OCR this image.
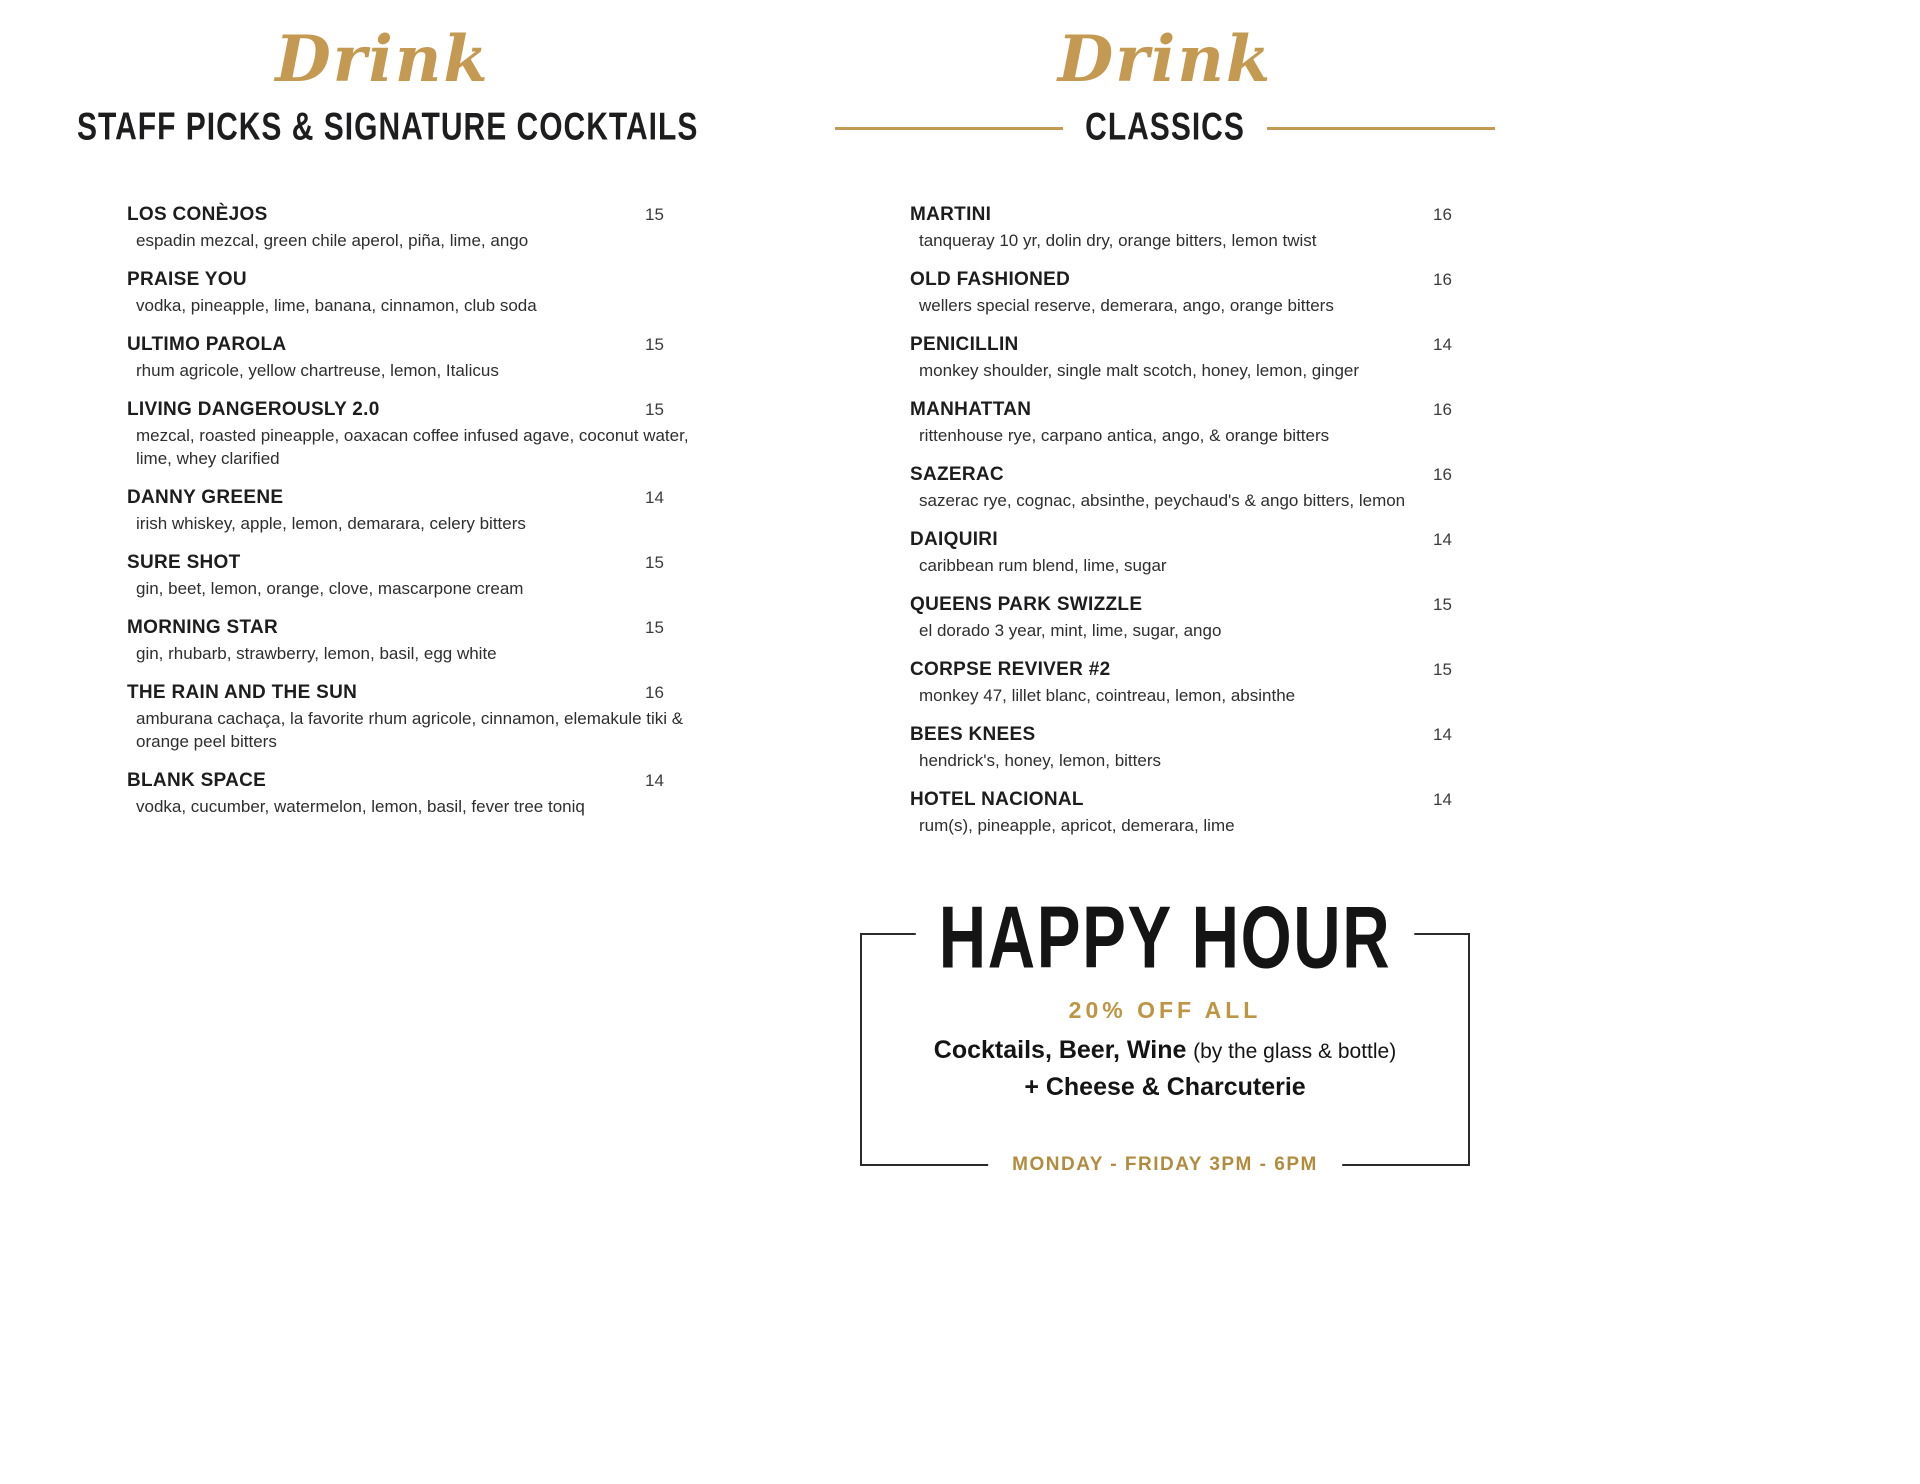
Drink
STAFF PICKS & SIGNATURE COCKTAILS
LOS CONÈJOS	15
espadin mezcal, green chile aperol, piña, lime, ango
PRAISE YOU
vodka, pineapple, lime, banana, cinnamon, club soda
ULTIMO PAROLA	15
rhum agricole, yellow chartreuse, lemon, Italicus
LIVING DANGEROUSLY 2.0	15
mezcal, roasted pineapple, oaxacan coffee infused agave, coconut water, lime, whey clarified
DANNY GREENE	14
irish whiskey, apple, lemon, demarara, celery bitters
SURE SHOT	15
gin, beet, lemon, orange, clove, mascarpone cream
MORNING STAR	15
gin, rhubarb, strawberry, lemon, basil, egg white
THE RAIN AND THE SUN	16
amburana cachaça, la favorite rhum agricole, cinnamon, elemakule tiki & orange peel bitters
BLANK SPACE	14
vodka, cucumber, watermelon, lemon, basil, fever tree toniq
Drink
CLASSICS
MARTINI	16
tanqueray 10 yr, dolin dry, orange bitters, lemon twist
OLD FASHIONED	16
wellers special reserve, demerara, ango, orange bitters
PENICILLIN	14
monkey shoulder, single malt scotch, honey, lemon, ginger
MANHATTAN	16
rittenhouse rye, carpano antica, ango, & orange bitters
SAZERAC	16
sazerac rye, cognac, absinthe, peychaud's & ango bitters, lemon
DAIQUIRI	14
caribbean rum blend, lime, sugar
QUEENS PARK SWIZZLE	15
el dorado 3 year, mint, lime, sugar, ango
CORPSE REVIVER #2	15
monkey 47, lillet blanc, cointreau, lemon, absinthe
BEES KNEES	14
hendrick's, honey, lemon, bitters
HOTEL NACIONAL	14
rum(s), pineapple, apricot, demerara, lime
HAPPY HOUR
20% OFF ALL
Cocktails, Beer, Wine (by the glass & bottle)
+ Cheese & Charcuterie
MONDAY - FRIDAY 3PM - 6PM
